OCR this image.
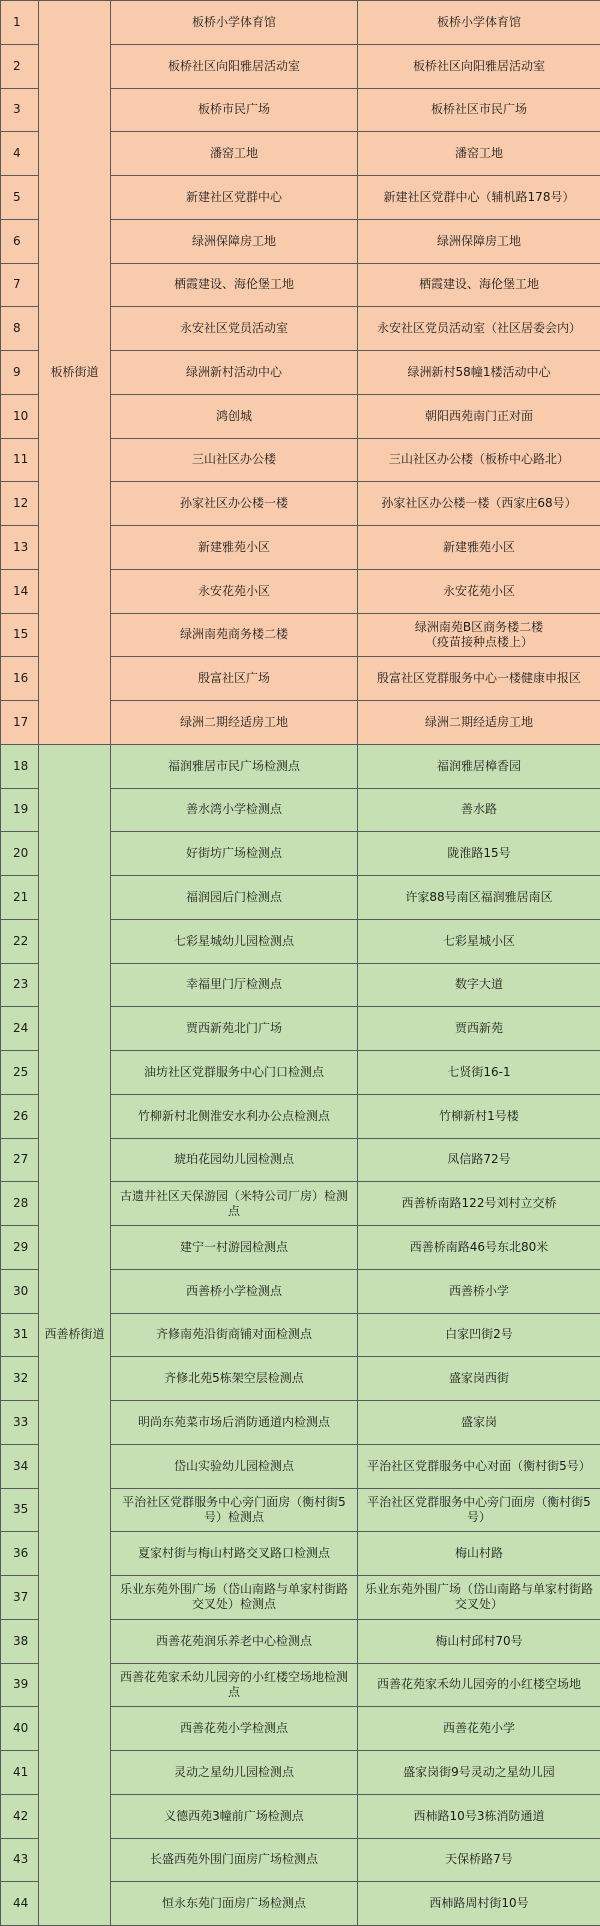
1	板桥街道	板桥小学体育馆	板桥小学体育馆
2		板桥社区向阳雅居活动室	板桥社区向阳雅居活动室
3		板桥市民广场	板桥社区市民广场
4		潘窑工地	潘窑工地
5		新建社区党群中心	新建社区党群中心（辅机路178号）
6		绿洲保障房工地	绿洲保障房工地
7		栖霞建设、海伦堡工地	栖霞建设、海伦堡工地
8		永安社区党员活动室	永安社区党员活动室（社区居委会内）
9		绿洲新村活动中心	绿洲新村58幢1楼活动中心
10		鸿创城	朝阳西苑南门正对面
11		三山社区办公楼	三山社区办公楼（板桥中心路北）
12		孙家社区办公楼一楼	孙家社区办公楼一楼（西家庄68号）
13		新建雅苑小区	新建雅苑小区
14		永安花苑小区	永安花苑小区
15		绿洲南苑商务楼二楼	绿洲南苑B区商务楼二楼
（疫苗接种点楼上）
16		殷富社区广场	殷富社区党群服务中心一楼健康申报区
17		绿洲二期经适房工地	绿洲二期经适房工地
18	西善桥街道	福润雅居市民广场检测点	福润雅居樟香园
19		善水湾小学检测点	善水路
20		好街坊广场检测点	陇淮路15号
21		福润园后门检测点	许家88号南区福润雅居南区
22		七彩星城幼儿园检测点	七彩星城小区
23		幸福里门厅检测点	数字大道
24		贾西新苑北门广场	贾西新苑
25		油坊社区党群服务中心门口检测点	七贤街16-1
26		竹柳新村北侧淮安水利办公点检测点	竹柳新村1号楼
27		琥珀花园幼儿园检测点	凤信路72号
28		古遗井社区天保游园（米特公司厂房）检测点	西善桥南路122号刘村立交桥
29		建宁一村游园检测点	西善桥南路46号东北80米
30		西善桥小学检测点	西善桥小学
31		齐修南苑沿街商铺对面检测点	白家凹街2号
32		齐修北苑5栋架空层检测点	盛家岗西街
33		明尚东苑菜市场后消防通道内检测点	盛家岗
34		岱山实验幼儿园检测点	平治社区党群服务中心对面（衡村街5号）
35		平治社区党群服务中心旁门面房（衡村街5号）检测点	平治社区党群服务中心旁门面房（衡村街5号）
36		夏家村街与梅山村路交叉路口检测点	梅山村路
37		乐业东苑外围广场（岱山南路与单家村街路交叉处）检测点	乐业东苑外围广场（岱山南路与单家村街路交叉处）
38		西善花苑润乐养老中心检测点	梅山村邱村70号
39		西善花苑家禾幼儿园旁的小红楼空场地检测点	西善花苑家禾幼儿园旁的小红楼空场地
40		西善花苑小学检测点	西善花苑小学
41		灵动之星幼儿园检测点	盛家岗街9号灵动之星幼儿园
42		义德西苑3幢前广场检测点	西柿路10号3栋消防通道
43		长盛西苑外围门面房广场检测点	天保桥路7号
44		恒永东苑门面房广场检测点	西柿路周村街10号
